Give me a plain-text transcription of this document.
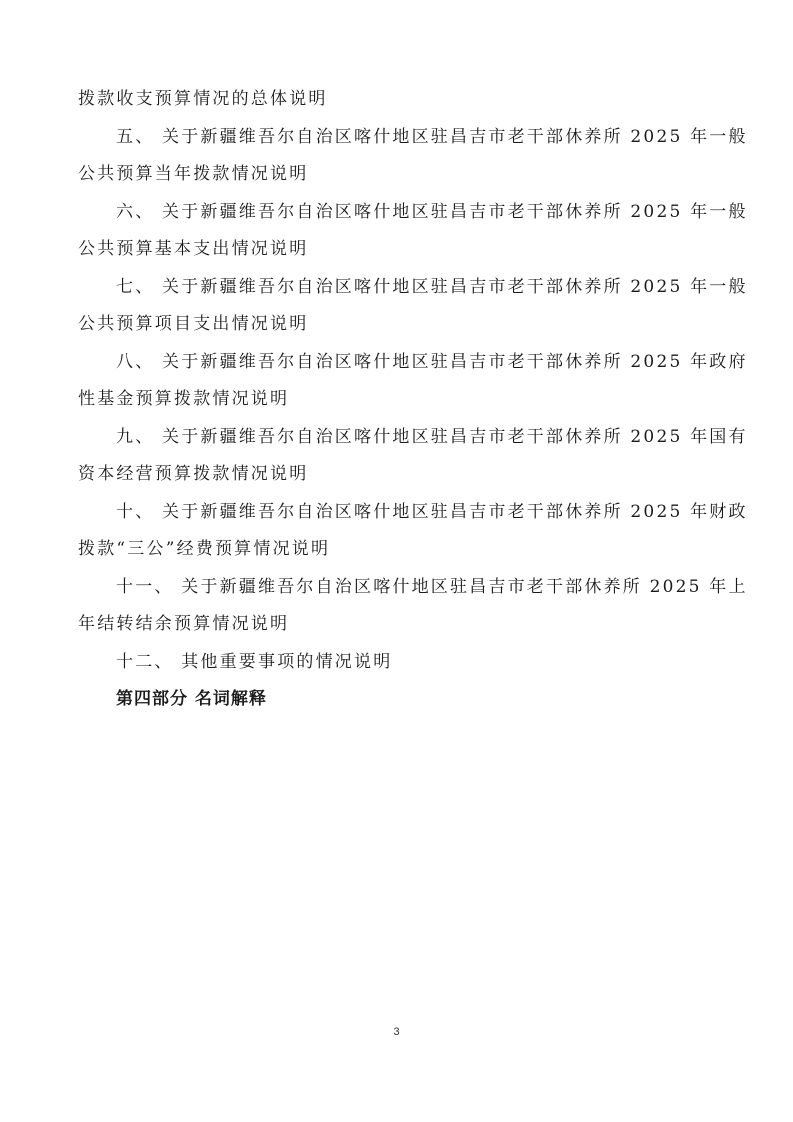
拨款收支预算情况的总体说明
五、 关于新疆维吾尔自治区喀什地区驻昌吉市老干部休养所 2025 年一般
公共预算当年拨款情况说明
六、 关于新疆维吾尔自治区喀什地区驻昌吉市老干部休养所 2025 年一般
公共预算基本支出情况说明
七、 关于新疆维吾尔自治区喀什地区驻昌吉市老干部休养所 2025 年一般
公共预算项目支出情况说明
八、 关于新疆维吾尔自治区喀什地区驻昌吉市老干部休养所 2025 年政府
性基金预算拨款情况说明
九、 关于新疆维吾尔自治区喀什地区驻昌吉市老干部休养所 2025 年国有
资本经营预算拨款情况说明
十、 关于新疆维吾尔自治区喀什地区驻昌吉市老干部休养所 2025 年财政
拨款“三公”经费预算情况说明
十一、 关于新疆维吾尔自治区喀什地区驻昌吉市老干部休养所 2025 年上
年结转结余预算情况说明
十二、 其他重要事项的情况说明
第四部分 名词解释
3
